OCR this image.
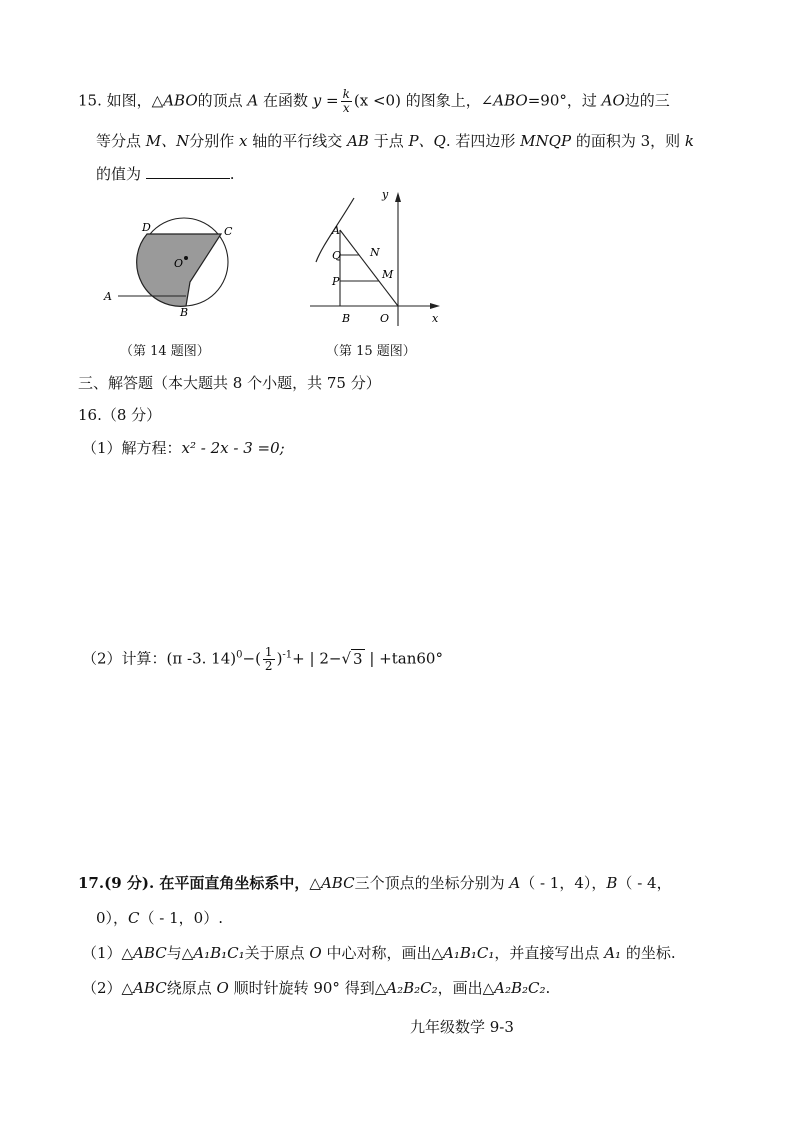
15. 如图，△ABO的顶点 A 在函数 $y = \frac{k}{x} (x <0)$ 的图象上，∠ABO=90°，过 AO边的三
等分点 M、N分别作 x 轴的平行线交 AB 于点 P、Q. 若四边形 MNQP 的面积为 3，则 k
的值为	.
D	C
O
A
B
（第 14 题图）
y
A
N
Q
M
P
B	O	x
（第 15 题图）
三、解答题（本大题共 8 个小题，共 75 分）
16.（8 分）
（1）解方程：x² - 2x - 3 =0;
（2）计算：(π -3. $14)^0-( \frac{1}{2} )^{-1}+$ | 2−√ 3 | +tan60°
17.(9 分). 在平面直角坐标系中，△ABC三个顶点的坐标分别为 A（ - 1，4），B（ - 4，
0），C（ - 1，0）.
（1）△ABC与△A₁B₁C₁关于原点 O 中心对称，画出△A₁B₁C₁，并直接写出点 A₁ 的坐标.
（2）△ABC绕原点 O 顺时针旋转 90° 得到△A₂B₂C₂，画出△A₂B₂C₂.
九年级数学 9-3
